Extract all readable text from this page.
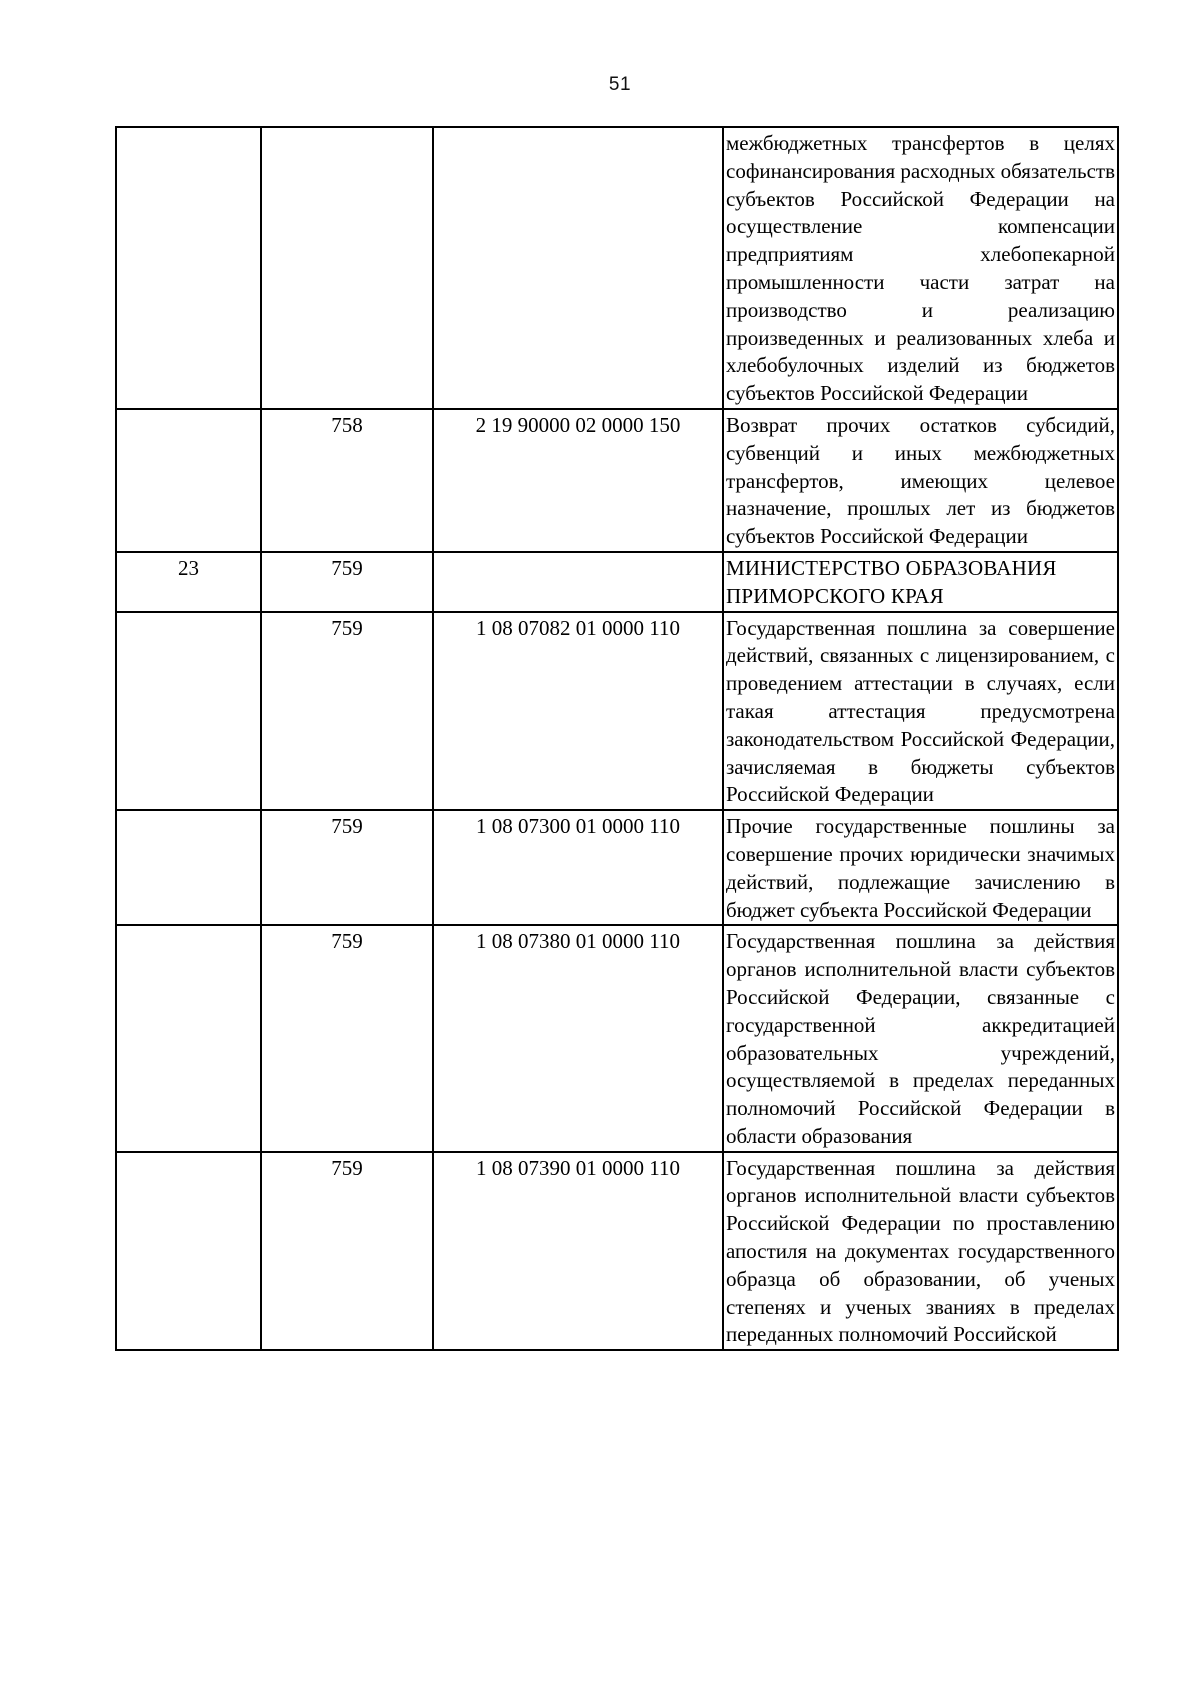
51
			межбюджетных трансфертов в целях софинансирования расходных обязательств субъектов Российской Федерации на осуществление компенсации предприятиям хлебопекарной промышленности части затрат на производство и реализацию произведенных и реализованных хлеба и хлебобулочных изделий из бюджетов субъектов Российской Федерации
	758	2 19 90000 02 0000 150	Возврат прочих остатков субсидий, субвенций и иных межбюджетных трансфертов, имеющих целевое назначение, прошлых лет из бюджетов субъектов Российской Федерации
23	759		МИНИСТЕРСТВО ОБРАЗОВАНИЯ ПРИМОРСКОГО КРАЯ
	759	1 08 07082 01 0000 110	Государственная пошлина за совершение действий, связанных с лицензированием, с проведением аттестации в случаях, если такая аттестация предусмотрена законодательством Российской Федерации, зачисляемая в бюджеты субъектов Российской Федерации
	759	1 08 07300 01 0000 110	Прочие государственные пошлины за совершение прочих юридически значимых действий, подлежащие зачислению в бюджет субъекта Российской Федерации
	759	1 08 07380 01 0000 110	Государственная пошлина за действия органов исполнительной власти субъектов Российской Федерации, связанные с государственной аккредитацией образовательных учреждений, осуществляемой в пределах переданных полномочий Российской Федерации в области образования
	759	1 08 07390 01 0000 110	Государственная пошлина за действия органов исполнительной власти субъектов Российской Федерации по проставлению апостиля на документах государственного образца об образовании, об ученых степенях и ученых званиях в пределах переданных полномочий Российской
